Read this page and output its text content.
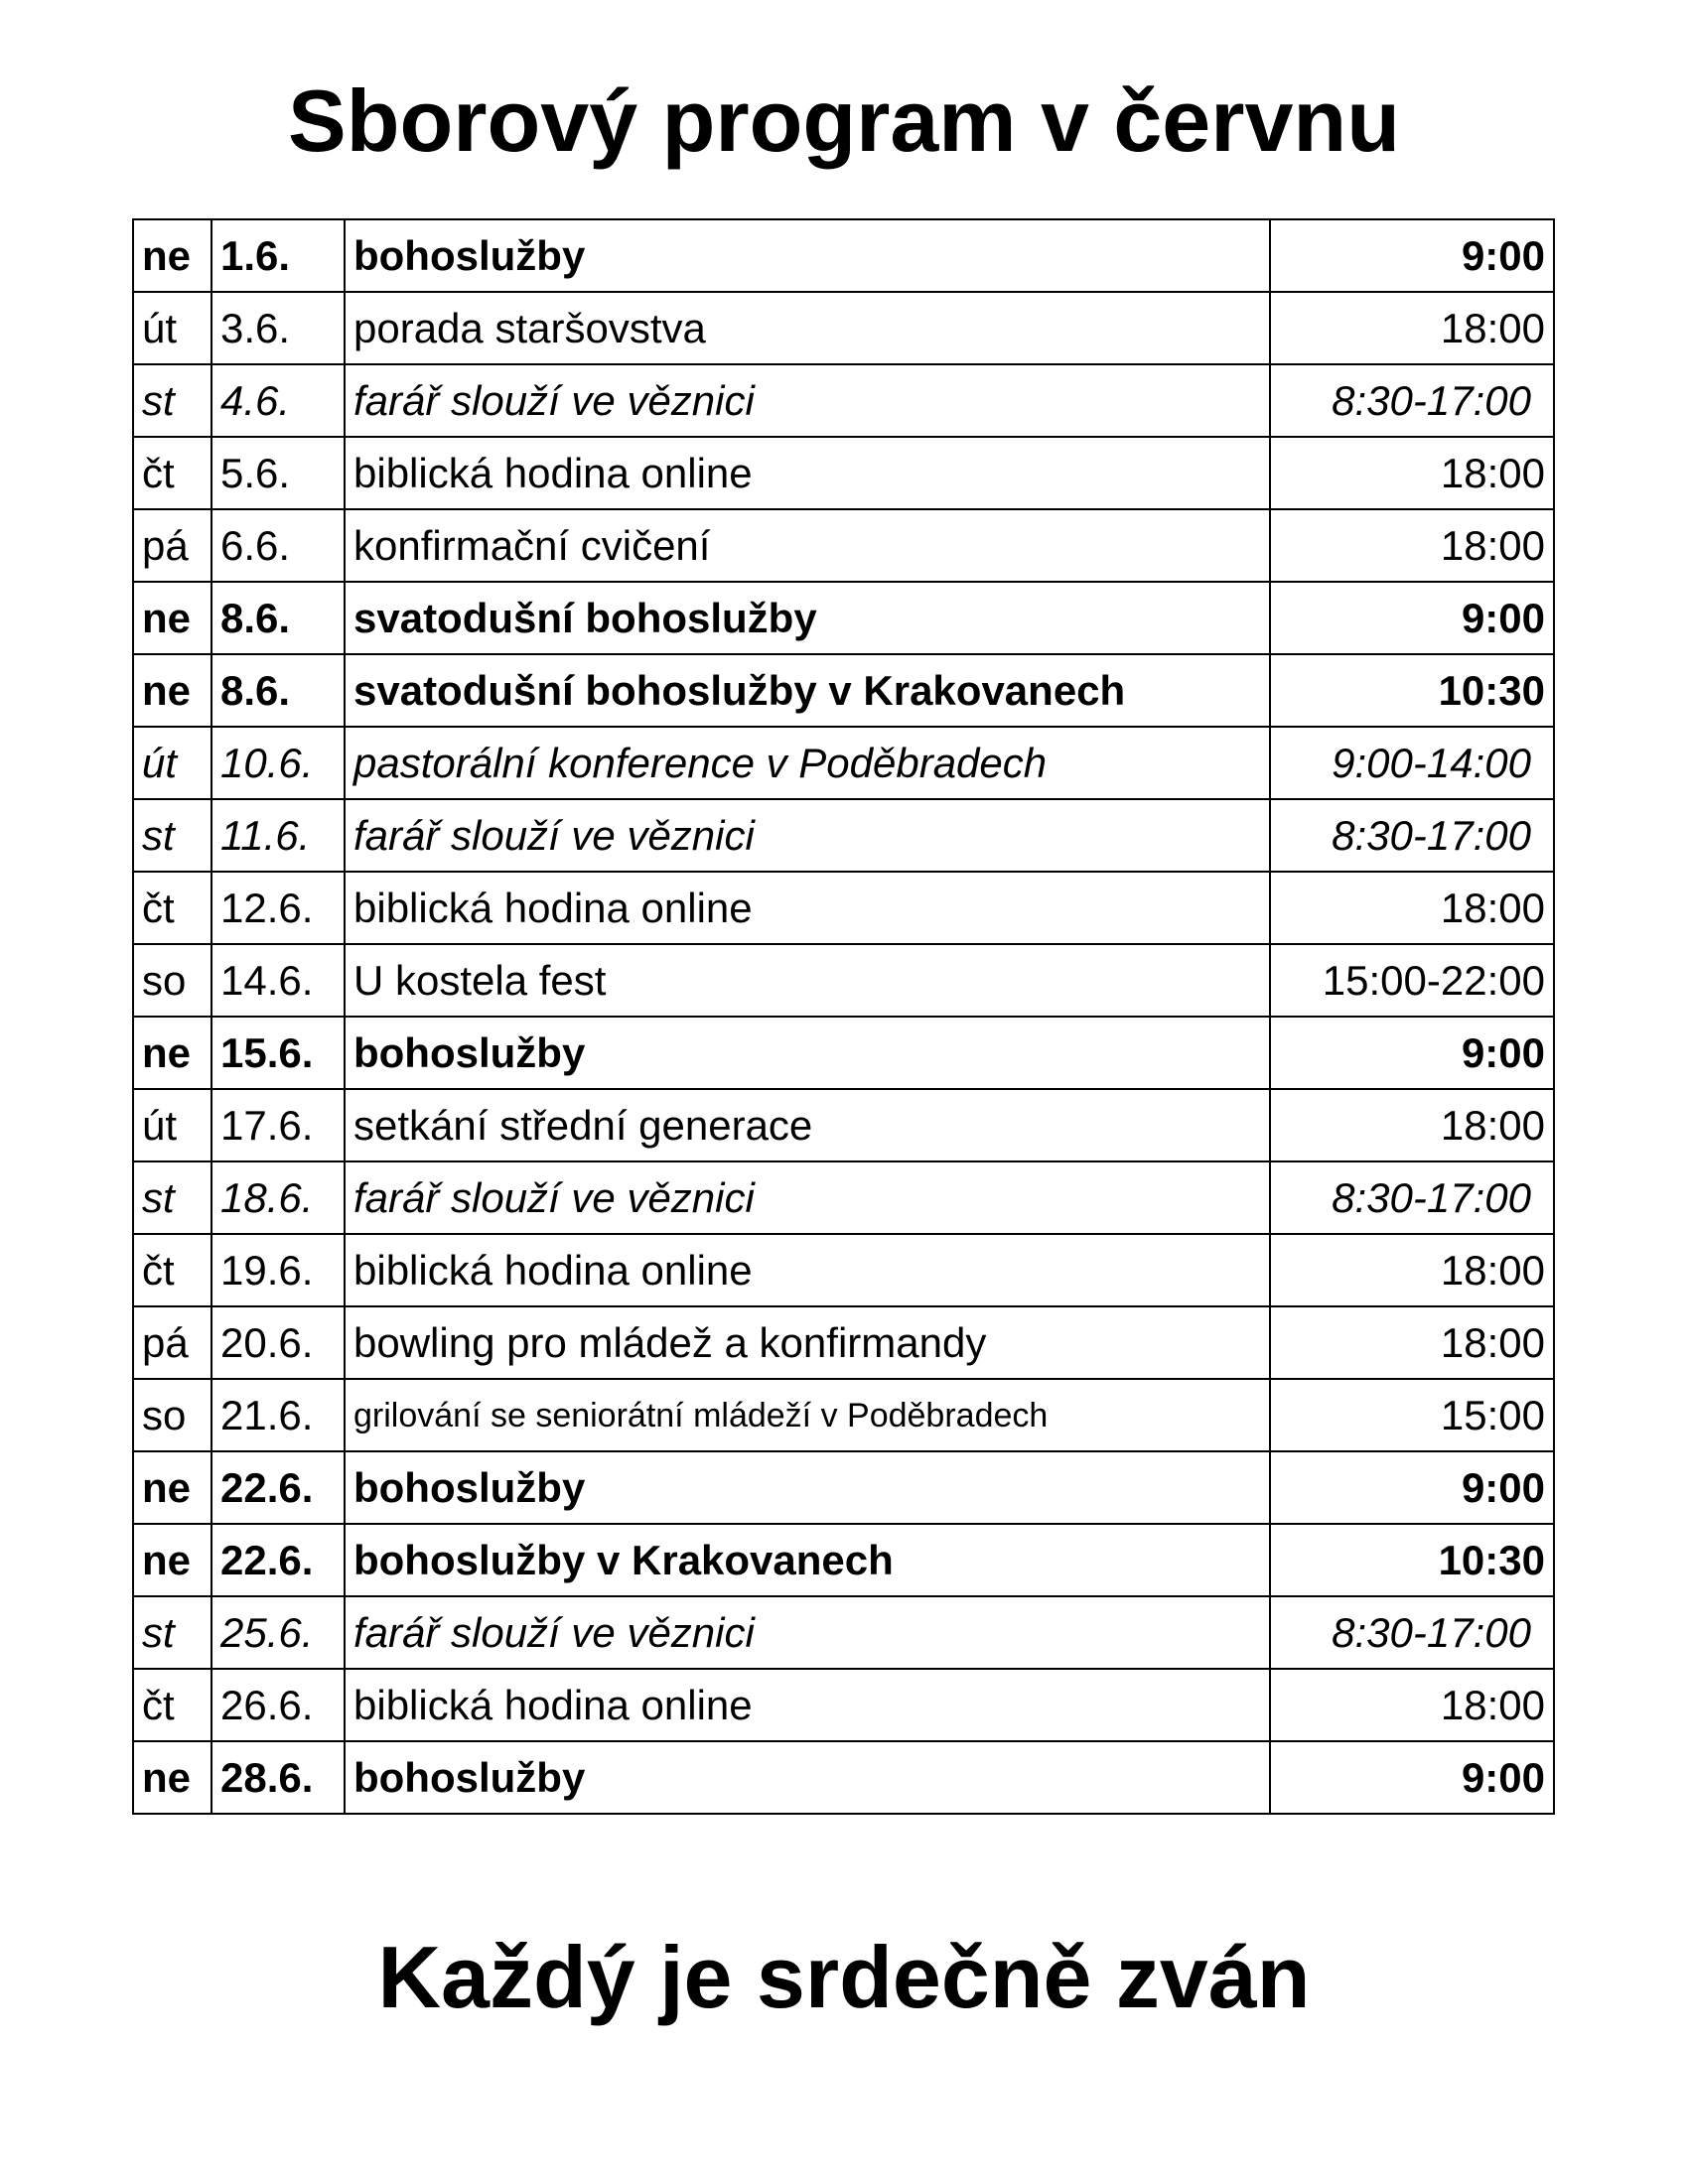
Sborový program v červnu
ne	1.6.	bohoslužby	9:00
út	3.6.	porada staršovstva	18:00
st	4.6.	farář slouží ve věznici	8:30-17:00
čt	5.6.	biblická hodina online	18:00
pá	6.6.	konfirmační cvičení	18:00
ne	8.6.	svatodušní bohoslužby	9:00
ne	8.6.	svatodušní bohoslužby v Krakovanech	10:30
út	10.6.	pastorální konference v Poděbradech	9:00-14:00
st	11.6.	farář slouží ve věznici	8:30-17:00
čt	12.6.	biblická hodina online	18:00
so	14.6.	U kostela fest	15:00-22:00
ne	15.6.	bohoslužby	9:00
út	17.6.	setkání střední generace	18:00
st	18.6.	farář slouží ve věznici	8:30-17:00
čt	19.6.	biblická hodina online	18:00
pá	20.6.	bowling pro mládež a konfirmandy	18:00
so	21.6.	grilování se seniorátní mládeží v Poděbradech	15:00
ne	22.6.	bohoslužby	9:00
ne	22.6.	bohoslužby v Krakovanech	10:30
st	25.6.	farář slouží ve věznici	8:30-17:00
čt	26.6.	biblická hodina online	18:00
ne	28.6.	bohoslužby	9:00
Každý je srdečně zván
